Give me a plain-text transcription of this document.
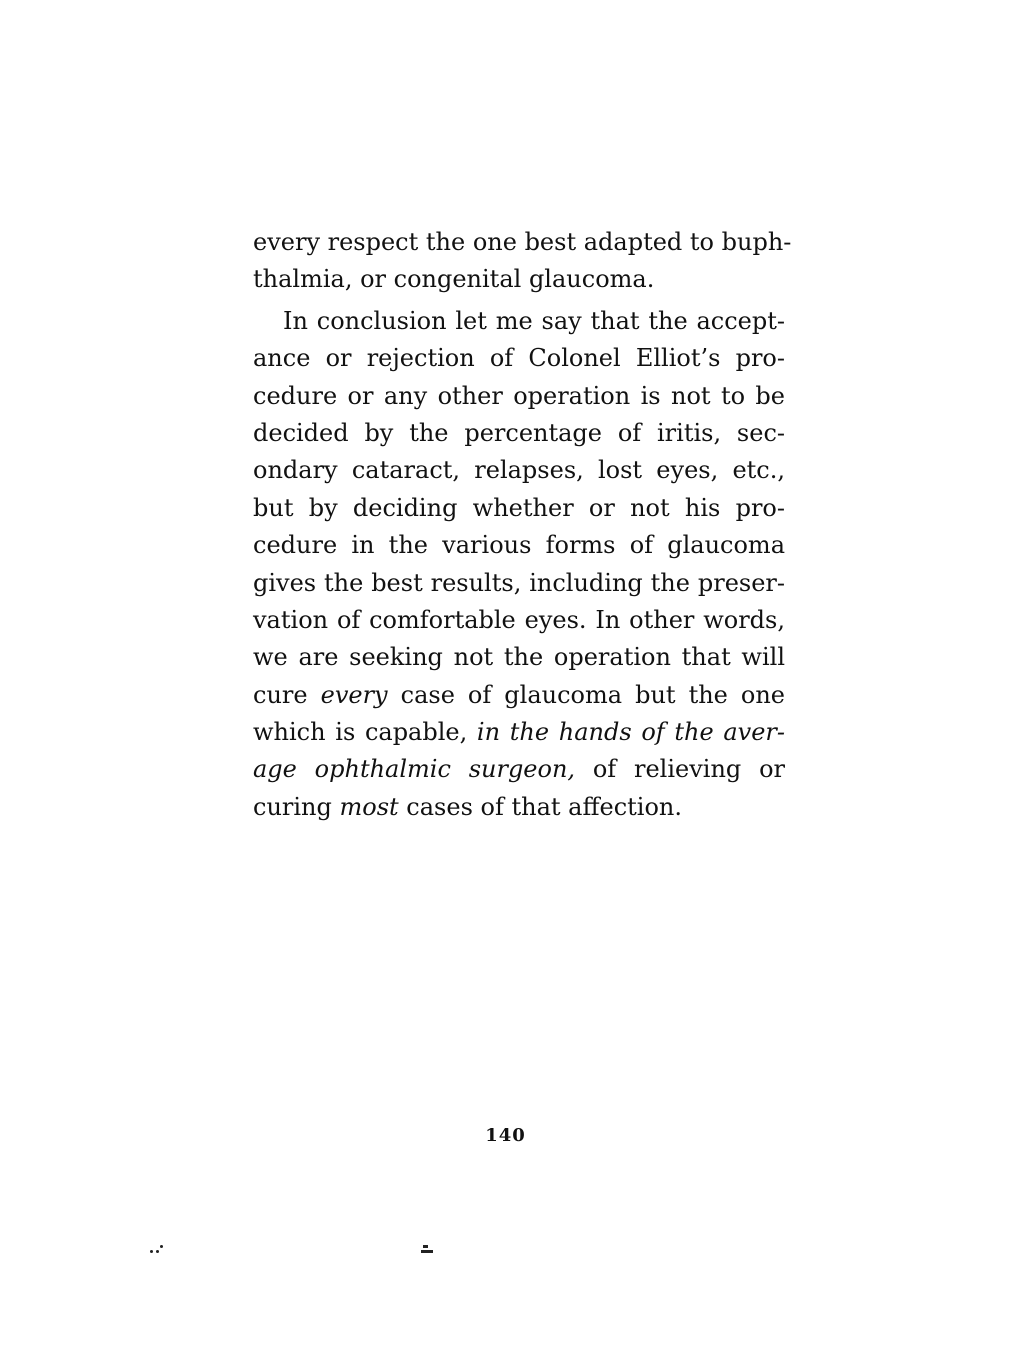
every respect the one best adapted to buph-
thalmia, or congenital glaucoma.
In conclusion let me say that the accept-
ance or rejection of Colonel Elliot’s pro-
cedure or any other operation is not to be
decided by the percentage of iritis, sec-
ondary cataract, relapses, lost eyes, etc.,
but by deciding whether or not his pro-
cedure in the various forms of glaucoma
gives the best results, including the preser-
vation of comfortable eyes. In other words,
we are seeking not the operation that will
cure every case of glaucoma but the one
which is capable, in the hands of the aver-
age ophthalmic surgeon, of relieving or
curing most cases of that affection.
140
